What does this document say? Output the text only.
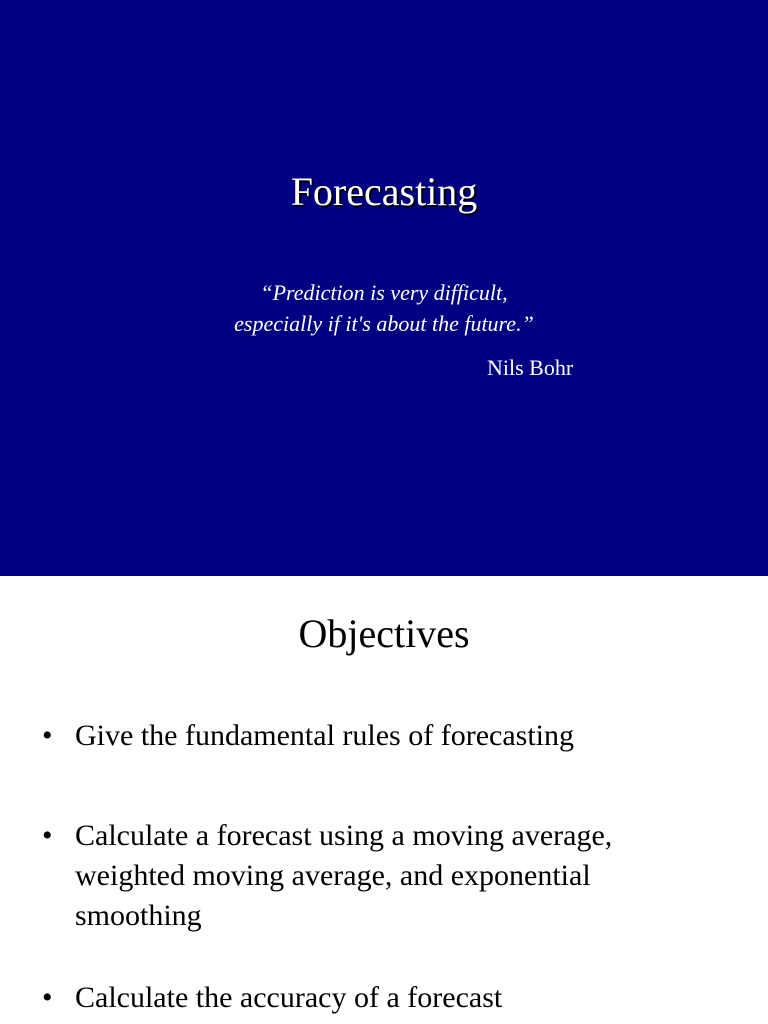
Forecasting
“Prediction is very difficult,
especially if it's about the future.”
Nils Bohr
Objectives
• Give the fundamental rules of forecasting
• Calculate a forecast using a moving average, weighted moving average, and exponential smoothing
• Calculate the accuracy of a forecast
